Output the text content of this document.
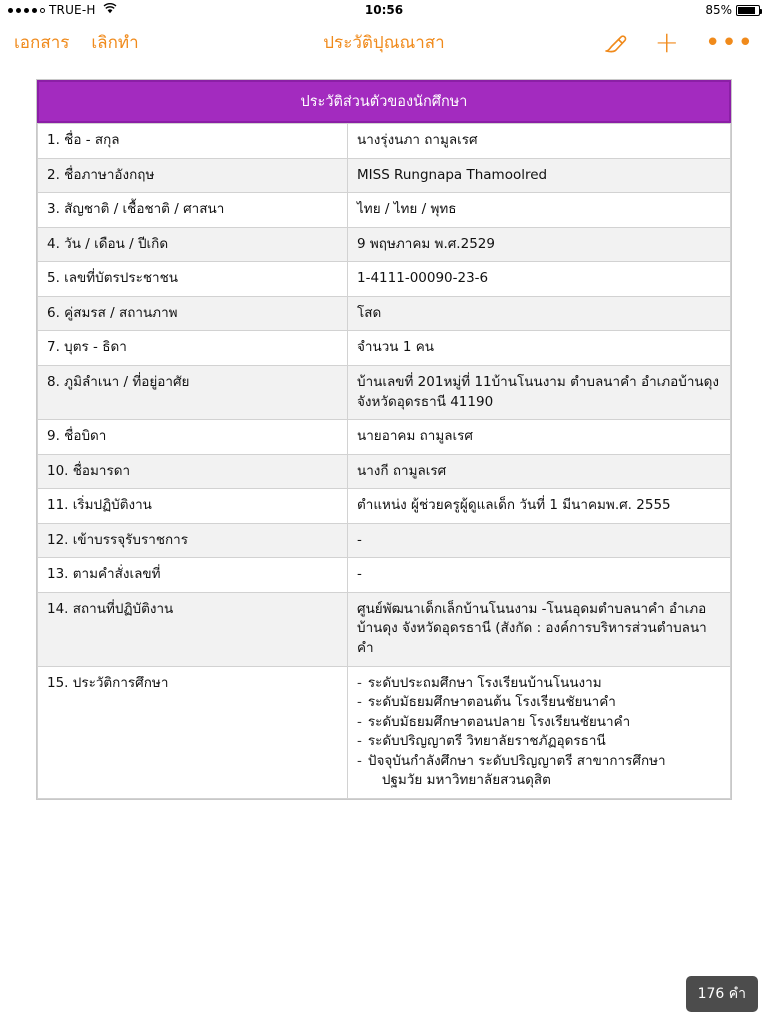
TRUE-H	10:56	85%
เอกสาร เลิกทำ	ประวัติปุณณาสา	+ •••
ประวัติส่วนตัวของนักศึกษา
1. ชื่อ - สกุล	นางรุ่งนภา ถามูลเรศ
2. ชื่อภาษาอังกฤษ	MISS Rungnapa Thamoolred
3. สัญชาติ / เชื้อชาติ / ศาสนา	ไทย / ไทย / พุทธ
4. วัน / เดือน / ปีเกิด	9 พฤษภาคม พ.ศ.2529
5. เลขที่บัตรประชาชน	1-4111-00090-23-6
6. คู่สมรส / สถานภาพ	โสด
7. บุตร - ธิดา	จำนวน 1 คน
8. ภูมิลำเนา / ที่อยู่อาศัย	บ้านเลขที่ 201หมู่ที่ 11บ้านโนนงาม ตำบลนาคำ อำเภอบ้านดุง จังหวัดอุดรธานี 41190
9. ชื่อบิดา	นายอาคม ถามูลเรศ
10. ชื่อมารดา	นางกี ถามูลเรศ
11. เริ่มปฏิบัติงาน	ตำแหน่ง ผู้ช่วยครูผู้ดูแลเด็ก วันที่ 1 มีนาคมพ.ศ. 2555
12. เข้าบรรจุรับราชการ	-
13. ตามคำสั่งเลขที่	-
14. สถานที่ปฏิบัติงาน	ศูนย์พัฒนาเด็กเล็กบ้านโนนงาม -โนนอุดมตำบลนาคำ อำเภอบ้านดุง จังหวัดอุดรธานี (สังกัด : องค์การบริหารส่วนตำบลนาคำ
15. ประวัติการศึกษา	- ระดับประถมศึกษา โรงเรียนบ้านโนนงาม
- ระดับมัธยมศึกษาตอนต้น โรงเรียนชัยนาคำ
- ระดับมัธยมศึกษาตอนปลาย โรงเรียนชัยนาคำ
- ระดับปริญญาตรี วิทยาลัยราชภัฏอุดรธานี
- ปัจจุบันกำลังศึกษา ระดับปริญญาตรี สาขาการศึกษา
ปฐมวัย มหาวิทยาลัยสวนดุสิต
176 คำ
